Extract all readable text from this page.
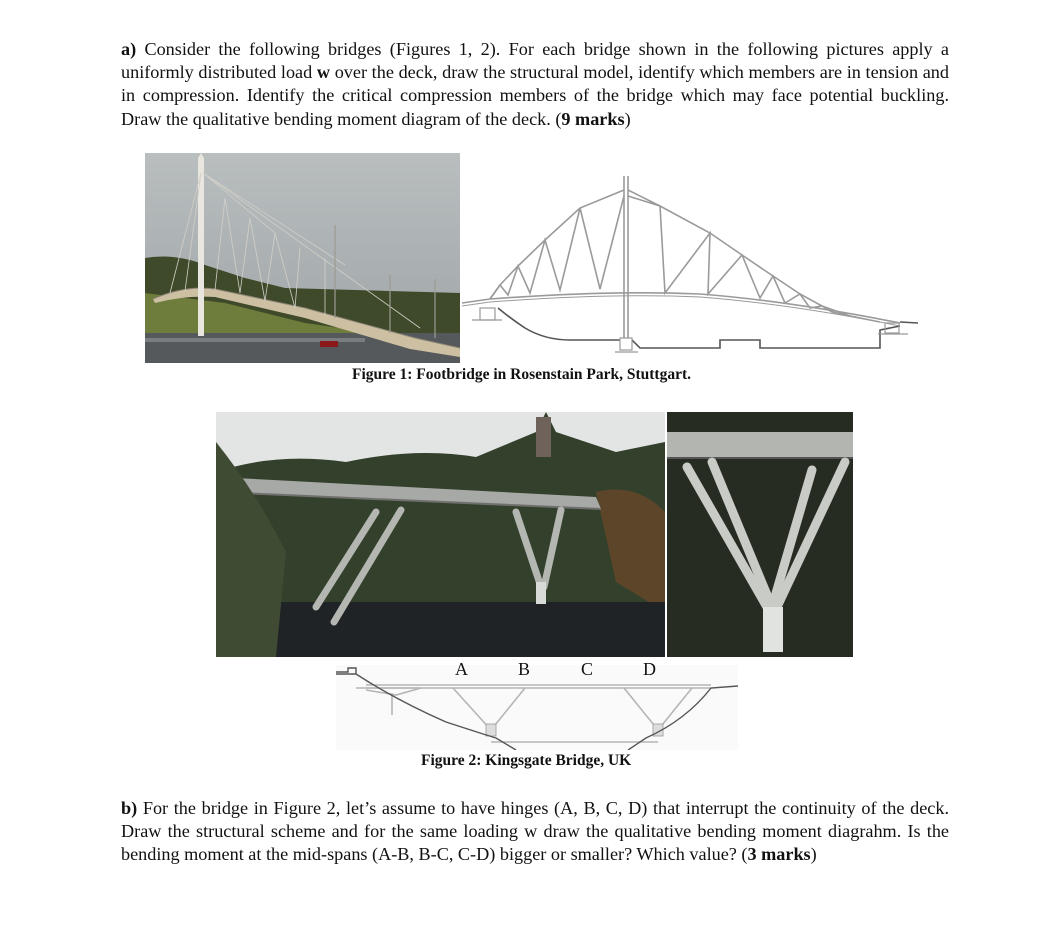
a) Consider the following bridges (Figures 1, 2). For each bridge shown in the following pictures apply a uniformly distributed load w over the deck, draw the structural model, identify which members are in tension and in compression. Identify the critical compression members of the bridge which may face potential buckling. Draw the qualitative bending moment diagram of the deck. (9 marks)
Figure 1: Footbridge in Rosenstain Park, Stuttgart.
A	B	C	D
Figure 2: Kingsgate Bridge, UK
b) For the bridge in Figure 2, let’s assume to have hinges (A, B, C, D) that interrupt the continuity of the deck. Draw the structural scheme and for the same loading w draw the qualitative bending moment diagrahm. Is the bending moment at the mid-spans (A-B, B-C, C-D) bigger or smaller? Which value? (3 marks)
